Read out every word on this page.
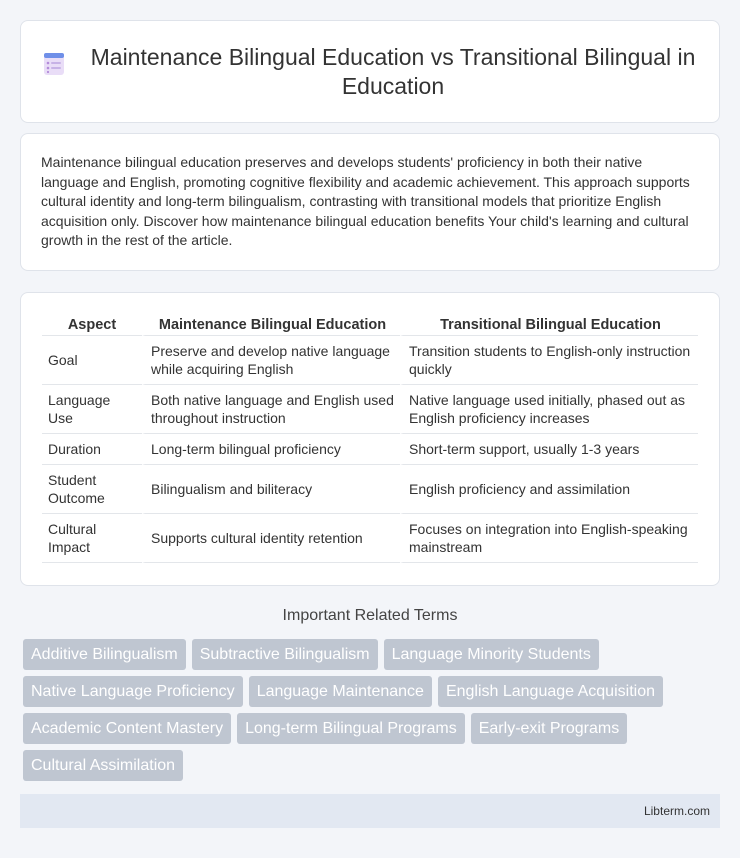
Maintenance Bilingual Education vs Transitional Bilingual in Education

Maintenance bilingual education preserves and develops students' proficiency in both their native language and English, promoting cognitive flexibility and academic achievement. This approach supports cultural identity and long-term bilingualism, contrasting with transitional models that prioritize English acquisition only. Discover how maintenance bilingual education benefits Your child's learning and cultural growth in the rest of the article.

Aspect	Maintenance Bilingual Education	Transitional Bilingual Education
Goal	Preserve and develop native language while acquiring English	Transition students to English-only instruction quickly
Language Use	Both native language and English used throughout instruction	Native language used initially, phased out as English proficiency increases
Duration	Long-term bilingual proficiency	Short-term support, usually 1-3 years
Student Outcome	Bilingualism and biliteracy	English proficiency and assimilation
Cultural Impact	Supports cultural identity retention	Focuses on integration into English-speaking mainstream
Important Related Terms
Additive Bilingualism	Subtractive Bilingualism	Language Minority Students
Native Language Proficiency	Language Maintenance	English Language Acquisition
Academic Content Mastery	Long-term Bilingual Programs	Early-exit Programs
Cultural Assimilation
Libterm.com
